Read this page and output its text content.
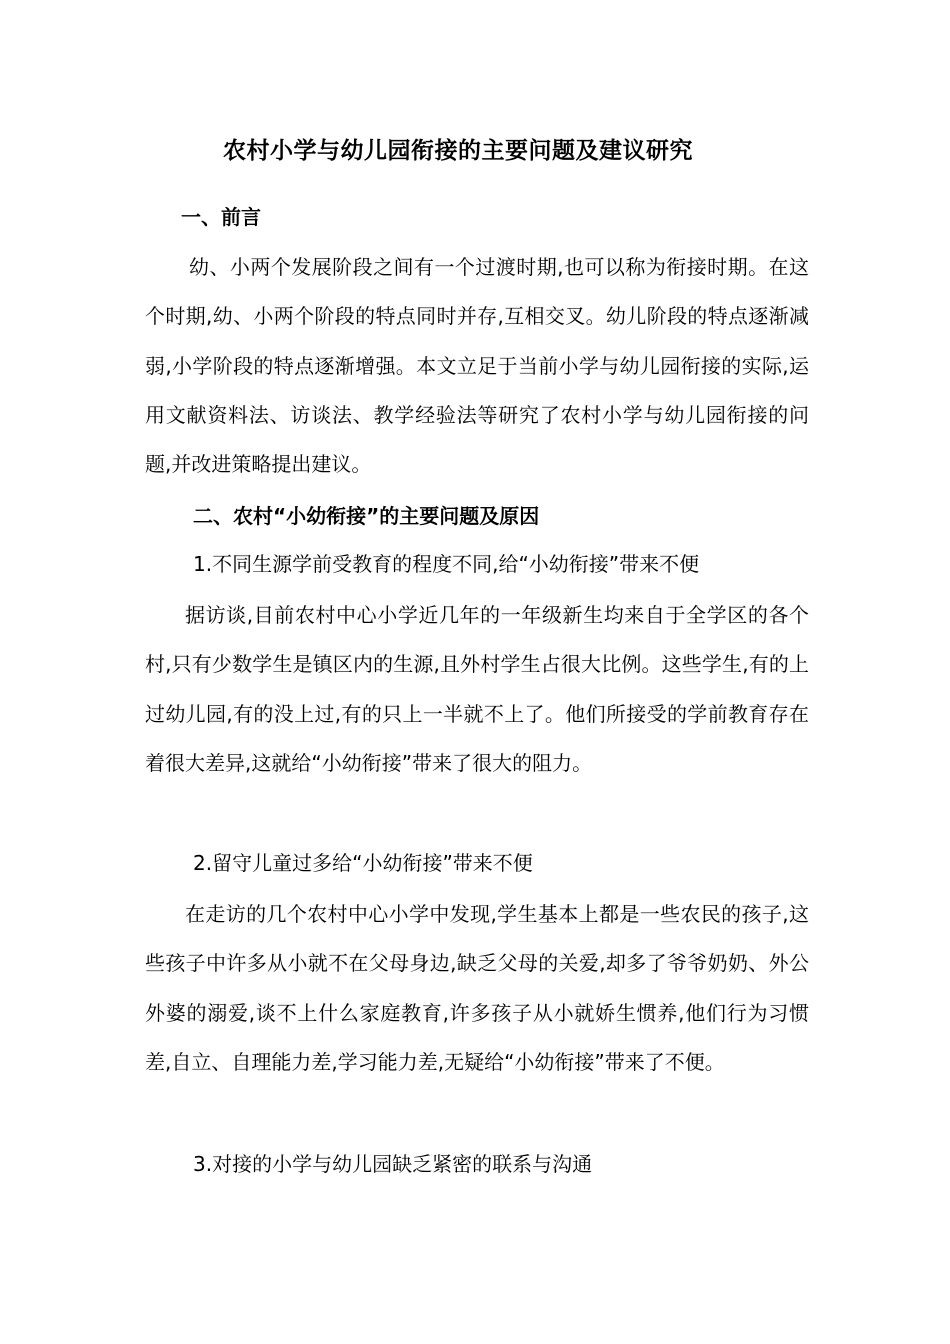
农村小学与幼儿园衔接的主要问题及建议研究
一、前言

幼、小两个发展阶段之间有一个过渡时期,也可以称为衔接时期。在这个时期,幼、小两个阶段的特点同时并存,互相交叉。幼儿阶段的特点逐渐减弱,小学阶段的特点逐渐增强。本文立足于当前小学与幼儿园衔接的实际,运用文献资料法、访谈法、教学经验法等研究了农村小学与幼儿园衔接的问题,并改进策略提出建议。

二、农村“小幼衔接”的主要问题及原因
1.不同生源学前受教育的程度不同,给“小幼衔接”带来不便

据访谈,目前农村中心小学近几年的一年级新生均来自于全学区的各个村,只有少数学生是镇区内的生源,且外村学生占很大比例。这些学生,有的上过幼儿园,有的没上过,有的只上一半就不上了。他们所接受的学前教育存在着很大差异,这就给“小幼衔接”带来了很大的阻力。

2.留守儿童过多给“小幼衔接”带来不便

在走访的几个农村中心小学中发现,学生基本上都是一些农民的孩子,这些孩子中许多从小就不在父母身边,缺乏父母的关爱,却多了爷爷奶奶、外公外婆的溺爱,谈不上什么家庭教育,许多孩子从小就娇生惯养,他们行为习惯差,自立、自理能力差,学习能力差,无疑给“小幼衔接”带来了不便。

3.对接的小学与幼儿园缺乏紧密的联系与沟通
